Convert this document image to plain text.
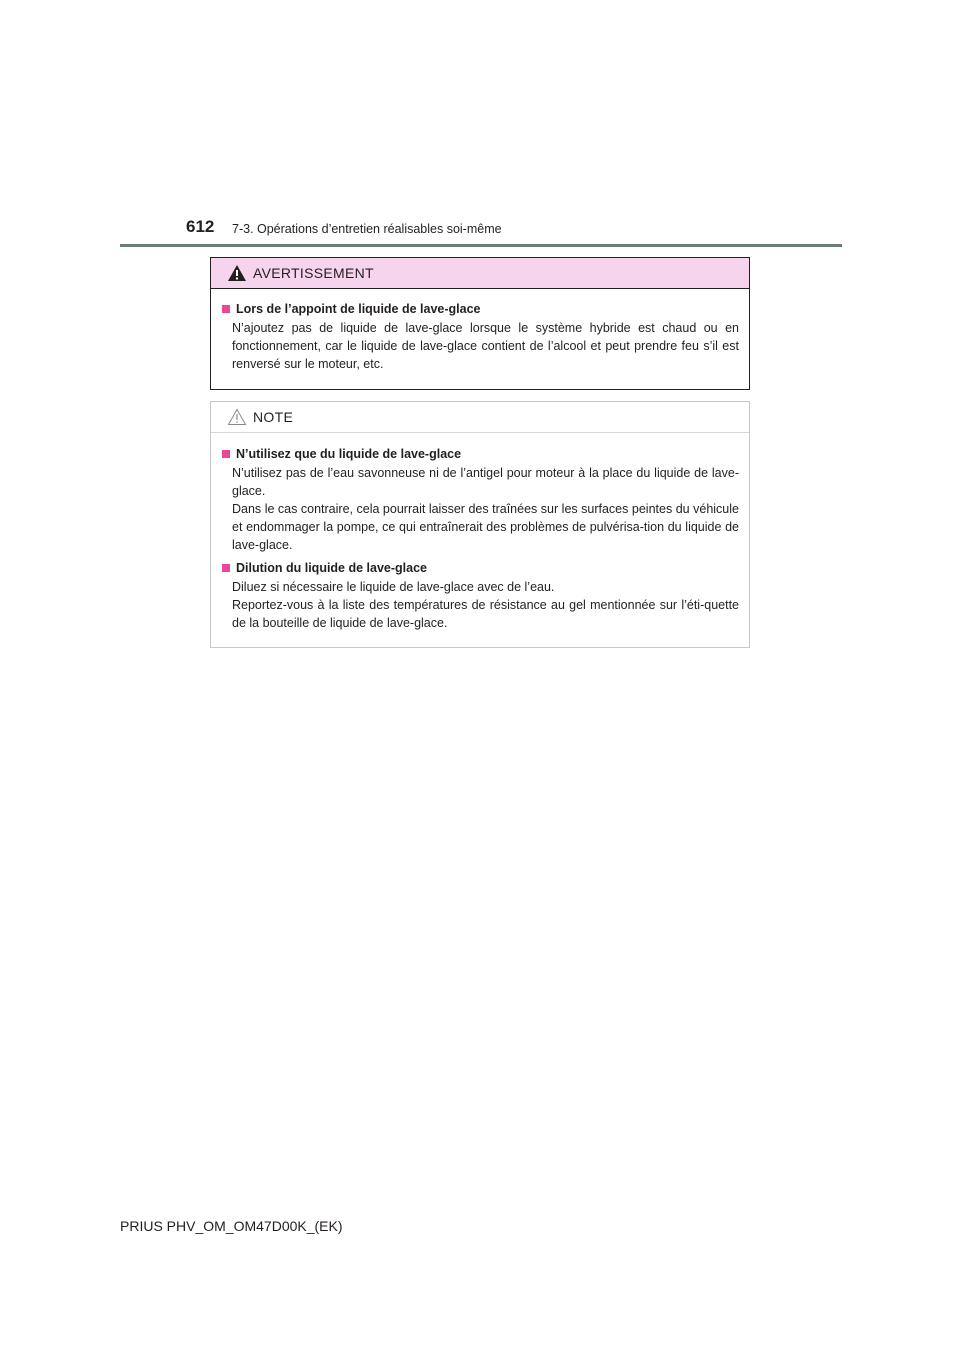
612 7-3. Opérations d’entretien réalisables soi-même
AVERTISSEMENT
Lors de l’appoint de liquide de lave-glace
N’ajoutez pas de liquide de lave-glace lorsque le système hybride est chaud ou en fonctionnement, car le liquide de lave-glace contient de l’alcool et peut prendre feu s’il est renversé sur le moteur, etc.
NOTE
N’utilisez que du liquide de lave-glace
N’utilisez pas de l’eau savonneuse ni de l’antigel pour moteur à la place du liquide de lave-glace.
Dans le cas contraire, cela pourrait laisser des traînées sur les surfaces peintes du véhicule et endommager la pompe, ce qui entraînerait des problèmes de pulvérisa-tion du liquide de lave-glace.
Dilution du liquide de lave-glace
Diluez si nécessaire le liquide de lave-glace avec de l’eau.
Reportez-vous à la liste des températures de résistance au gel mentionnée sur l’éti-quette de la bouteille de liquide de lave-glace.
PRIUS PHV_OM_OM47D00K_(EK)
